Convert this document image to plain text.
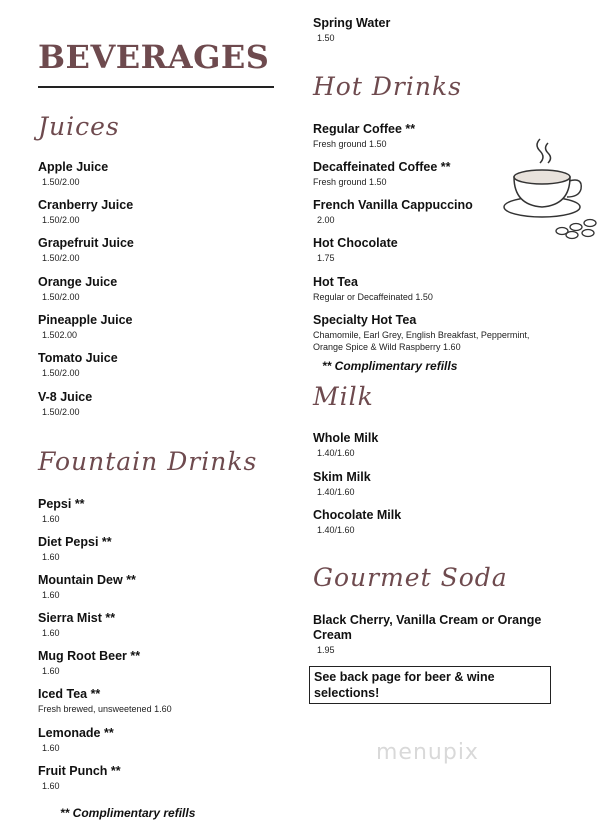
BEVERAGES
Juices
Apple Juice
1.50/2.00
Cranberry Juice
1.50/2.00
Grapefruit Juice
1.50/2.00
Orange Juice
1.50/2.00
Pineapple Juice
1.502.00
Tomato Juice
1.50/2.00
V-8 Juice
1.50/2.00
Fountain Drinks
Pepsi **
1.60
Diet Pepsi **
1.60
Mountain Dew **
1.60
Sierra Mist **
1.60
Mug Root Beer **
1.60
Iced Tea **
Fresh brewed, unsweetened 1.60
Lemonade **
1.60
Fruit Punch **
1.60
** Complimentary refills
Spring Water
1.50
Hot Drinks
Regular Coffee **
Fresh ground 1.50
Decaffeinated Coffee **
Fresh ground 1.50
French Vanilla Cappuccino
2.00
Hot Chocolate
1.75
Hot Tea
Regular or Decaffeinated 1.50
Specialty Hot Tea
Chamomile, Earl Grey, English Breakfast, Peppermint, Orange Spice & Wild Raspberry 1.60
** Complimentary refills
Milk
Whole Milk
1.40/1.60
Skim Milk
1.40/1.60
Chocolate Milk
1.40/1.60
Gourmet Soda
Black Cherry, Vanilla Cream or Orange Cream
1.95
See back page for beer & wine selections!
menupix
